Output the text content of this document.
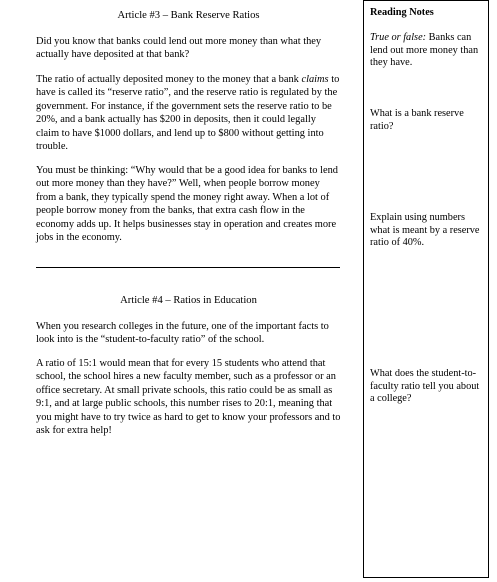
Article #3 – Bank Reserve Ratios

Did you know that banks could lend out more money than what they actually have deposited at that bank?

The ratio of actually deposited money to the money that a bank claims to have is called its “reserve ratio”, and the reserve ratio is regulated by the government. For instance, if the government sets the reserve ratio to be 20%, and a bank actually has $200 in deposits, then it could legally claim to have $1000 dollars, and lend up to $800 without getting into trouble.

You must be thinking: “Why would that be a good idea for banks to lend out more money than they have?” Well, when people borrow money from a bank, they typically spend the money right away. When a lot of people borrow money from the banks, that extra cash flow in the economy adds up. It helps businesses stay in operation and creates more jobs in the economy.

Article #4 – Ratios in Education

When you research colleges in the future, one of the important facts to look into is the “student-to-faculty ratio” of the school.

A ratio of 15:1 would mean that for every 15 students who attend that school, the school hires a new faculty member, such as a professor or an office secretary. At small private schools, this ratio could be as small as 9:1, and at large public schools, this number rises to 20:1, meaning that you might have to try twice as hard to get to know your professors and to ask for extra help!

Reading Notes

True or false: Banks can lend out more money than they have.

What is a bank reserve ratio?

Explain using numbers what is meant by a reserve ratio of 40%.

What does the student-to-faculty ratio tell you about a college?
